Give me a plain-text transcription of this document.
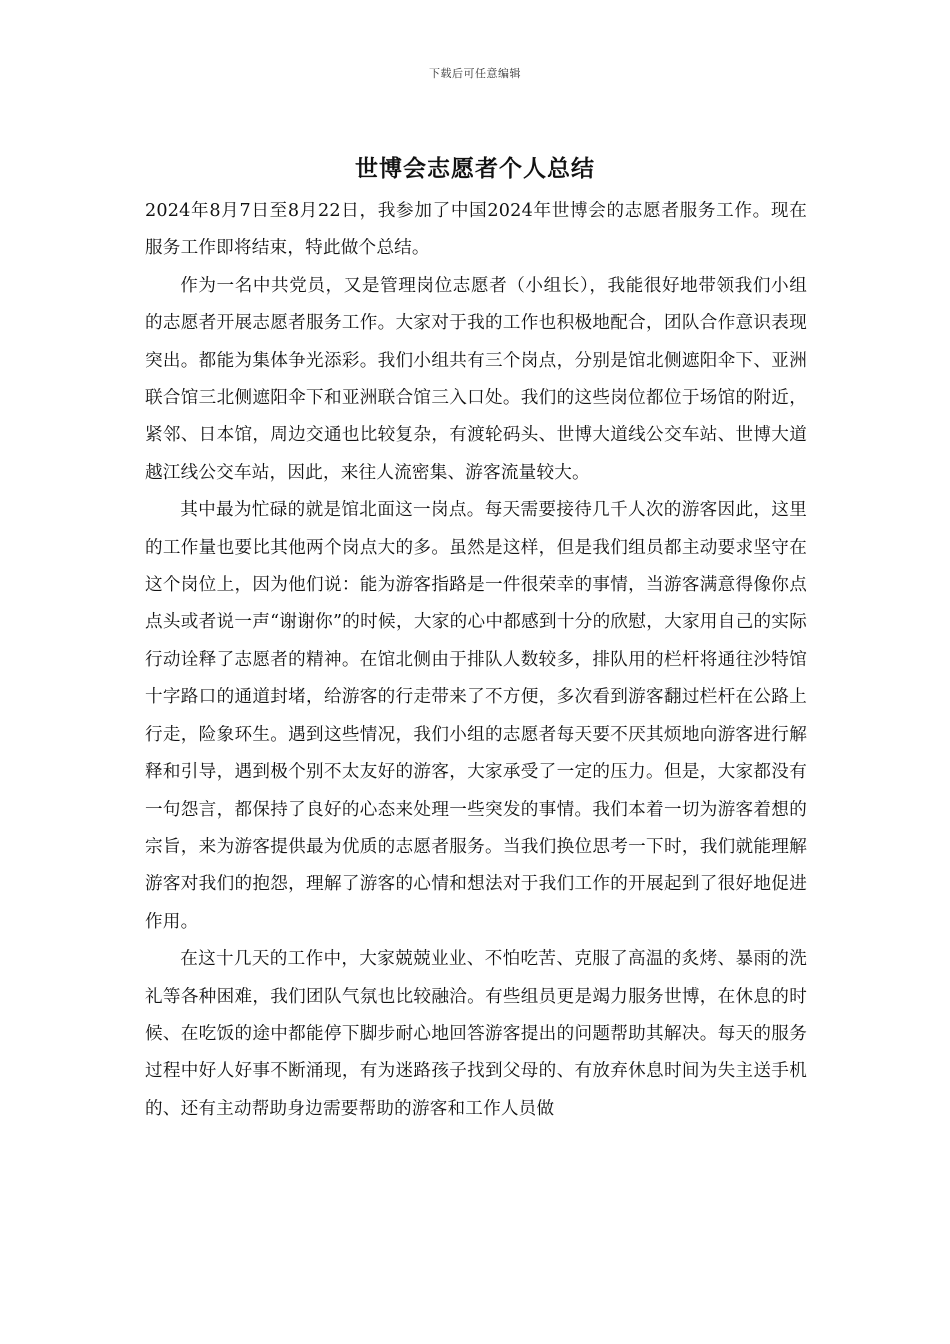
下载后可任意编辑
世博会志愿者个人总结

2024年8月7日至8月22日，我参加了中国2024年世博会的志愿者服务工作。现在服务工作即将结束，特此做个总结。

作为一名中共党员，又是管理岗位志愿者（小组长），我能很好地带领我们小组的志愿者开展志愿者服务工作。大家对于我的工作也积极地配合，团队合作意识表现突出。都能为集体争光添彩。我们小组共有三个岗点，分别是馆北侧遮阳伞下、亚洲联合馆三北侧遮阳伞下和亚洲联合馆三入口处。我们的这些岗位都位于场馆的附近，紧邻、日本馆，周边交通也比较复杂，有渡轮码头、世博大道线公交车站、世博大道越江线公交车站，因此，来往人流密集、游客流量较大。

其中最为忙碌的就是馆北面这一岗点。每天需要接待几千人次的游客因此，这里的工作量也要比其他两个岗点大的多。虽然是这样，但是我们组员都主动要求坚守在这个岗位上，因为他们说：能为游客指路是一件很荣幸的事情，当游客满意得像你点点头或者说一声“谢谢你”的时候，大家的心中都感到十分的欣慰，大家用自己的实际行动诠释了志愿者的精神。在馆北侧由于排队人数较多，排队用的栏杆将通往沙特馆十字路口的通道封堵，给游客的行走带来了不方便，多次看到游客翻过栏杆在公路上行走，险象环生。遇到这些情况，我们小组的志愿者每天要不厌其烦地向游客进行解释和引导，遇到极个别不太友好的游客，大家承受了一定的压力。但是，大家都没有一句怨言，都保持了良好的心态来处理一些突发的事情。我们本着一切为游客着想的宗旨，来为游客提供最为优质的志愿者服务。当我们换位思考一下时，我们就能理解游客对我们的抱怨，理解了游客的心情和想法对于我们工作的开展起到了很好地促进作用。

在这十几天的工作中，大家兢兢业业、不怕吃苦、克服了高温的炙烤、暴雨的洗礼等各种困难，我们团队气氛也比较融洽。有些组员更是竭力服务世博，在休息的时候、在吃饭的途中都能停下脚步耐心地回答游客提出的问题帮助其解决。每天的服务过程中好人好事不断涌现，有为迷路孩子找到父母的、有放弃休息时间为失主送手机的、还有主动帮助身边需要帮助的游客和工作人员做
